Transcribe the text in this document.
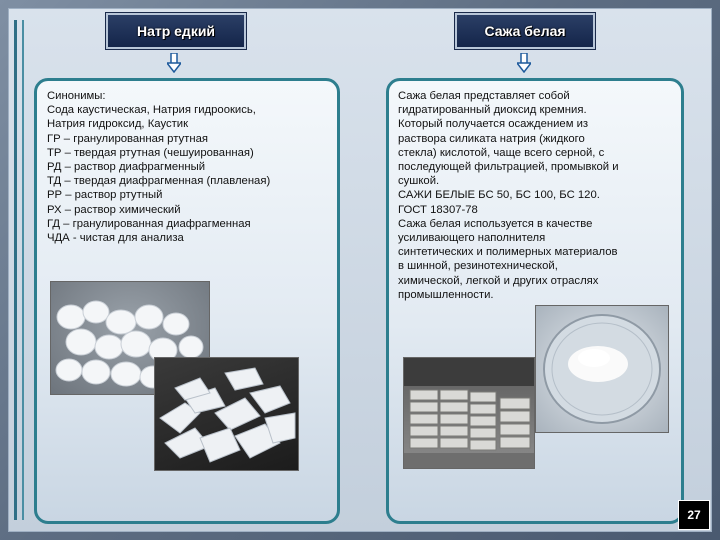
Натр едкий	Сажа белая
Синонимы:
Сода каустическая, Натрия гидроокись,
Натрия гидроксид, Каустик
ГР – гранулированная ртутная
ТР – твердая ртутная (чешуированная)
РД – раствор диафрагменный
ТД – твердая диафрагменная (плавленая)
РР – раствор ртутный
РХ – раствор химический
ГД – гранулированная диафрагменная
ЧДА - чистая для анализа
Сажа белая представляет собой
гидратированный диоксид кремния.
Который получается осаждением из
раствора силиката натрия (жидкого
стекла) кислотой, чаще всего серной, с
последующей фильтрацией, промывкой и
сушкой.
САЖИ БЕЛЫЕ БС 50, БС 100, БС 120.
ГОСТ 18307-78
Сажа белая используется в качестве
усиливающего наполнителя
синтетических и полимерных материалов
в шинной, резинотехнической,
химической, легкой и других отраслях
промышленности.
27
